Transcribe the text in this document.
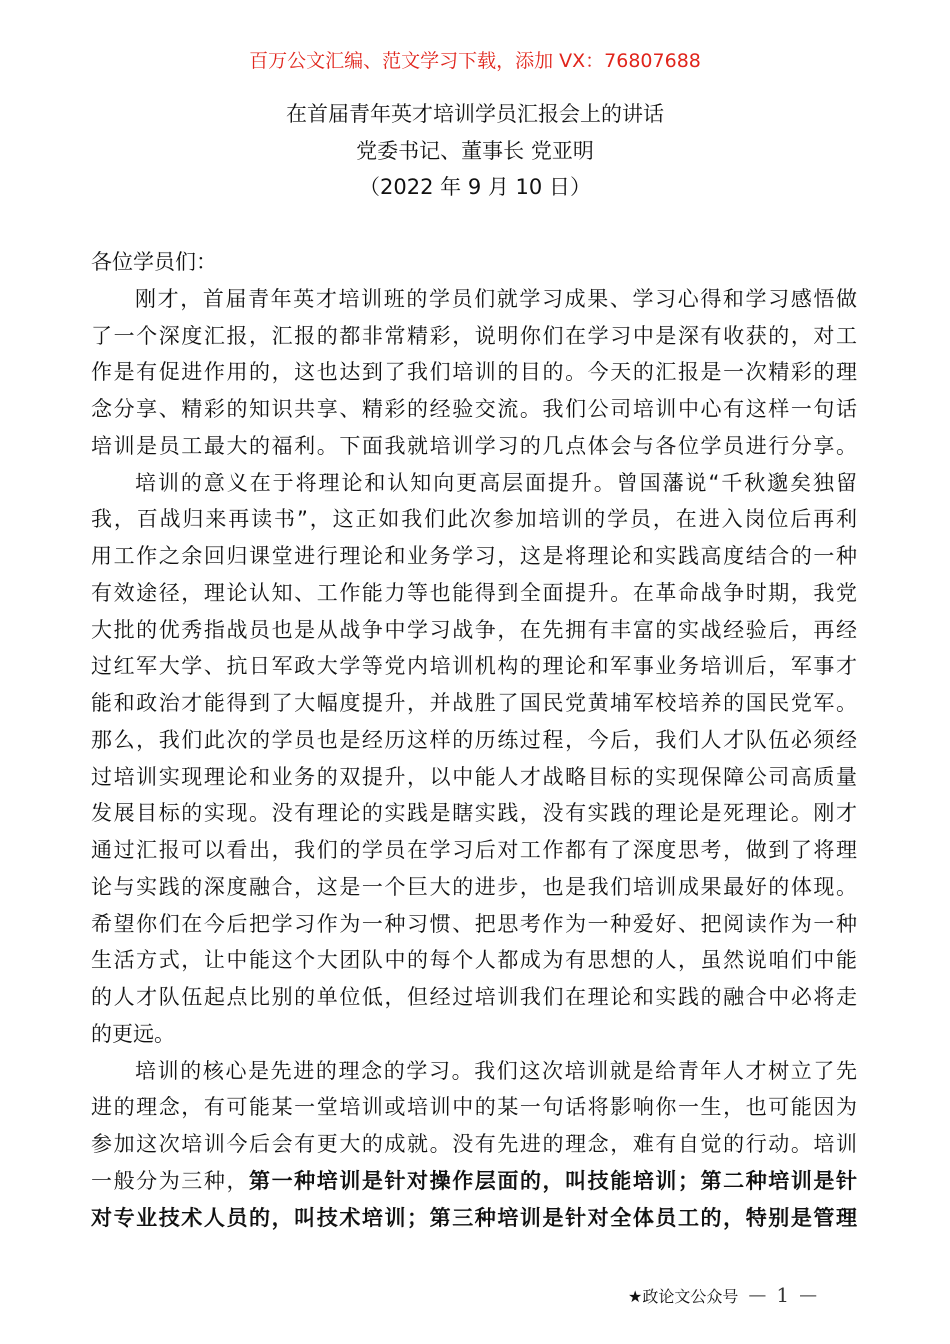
百万公文汇编、范文学习下载，添加 VX：76807688
在首届青年英才培训学员汇报会上的讲话
党委书记、董事长 党亚明
（2022 年 9 月 10 日）
各位学员们：
刚才，首届青年英才培训班的学员们就学习成果、学习心得和学习感悟做
了一个深度汇报，汇报的都非常精彩，说明你们在学习中是深有收获的，对工
作是有促进作用的，这也达到了我们培训的目的。今天的汇报是一次精彩的理
念分享、精彩的知识共享、精彩的经验交流。我们公司培训中心有这样一句话
培训是员工最大的福利。下面我就培训学习的几点体会与各位学员进行分享。
培训的意义在于将理论和认知向更高层面提升。曾国藩说“千秋邈矣独留
我，百战归来再读书”，这正如我们此次参加培训的学员，在进入岗位后再利
用工作之余回归课堂进行理论和业务学习，这是将理论和实践高度结合的一种
有效途径，理论认知、工作能力等也能得到全面提升。在革命战争时期，我党
大批的优秀指战员也是从战争中学习战争，在先拥有丰富的实战经验后，再经
过红军大学、抗日军政大学等党内培训机构的理论和军事业务培训后，军事才
能和政治才能得到了大幅度提升，并战胜了国民党黄埔军校培养的国民党军。
那么，我们此次的学员也是经历这样的历练过程，今后，我们人才队伍必须经
过培训实现理论和业务的双提升，以中能人才战略目标的实现保障公司高质量
发展目标的实现。没有理论的实践是瞎实践，没有实践的理论是死理论。刚才
通过汇报可以看出，我们的学员在学习后对工作都有了深度思考，做到了将理
论与实践的深度融合，这是一个巨大的进步，也是我们培训成果最好的体现。
希望你们在今后把学习作为一种习惯、把思考作为一种爱好、把阅读作为一种
生活方式，让中能这个大团队中的每个人都成为有思想的人，虽然说咱们中能
的人才队伍起点比别的单位低，但经过培训我们在理论和实践的融合中必将走
的更远。
培训的核心是先进的理念的学习。我们这次培训就是给青年人才树立了先
进的理念，有可能某一堂培训或培训中的某一句话将影响你一生，也可能因为
参加这次培训今后会有更大的成就。没有先进的理念，难有自觉的行动。培训
一般分为三种，第一种培训是针对操作层面的，叫技能培训；第二种培训是针
对专业技术人员的，叫技术培训；第三种培训是针对全体员工的，特别是管理
★政论文公众号 — 1 —
